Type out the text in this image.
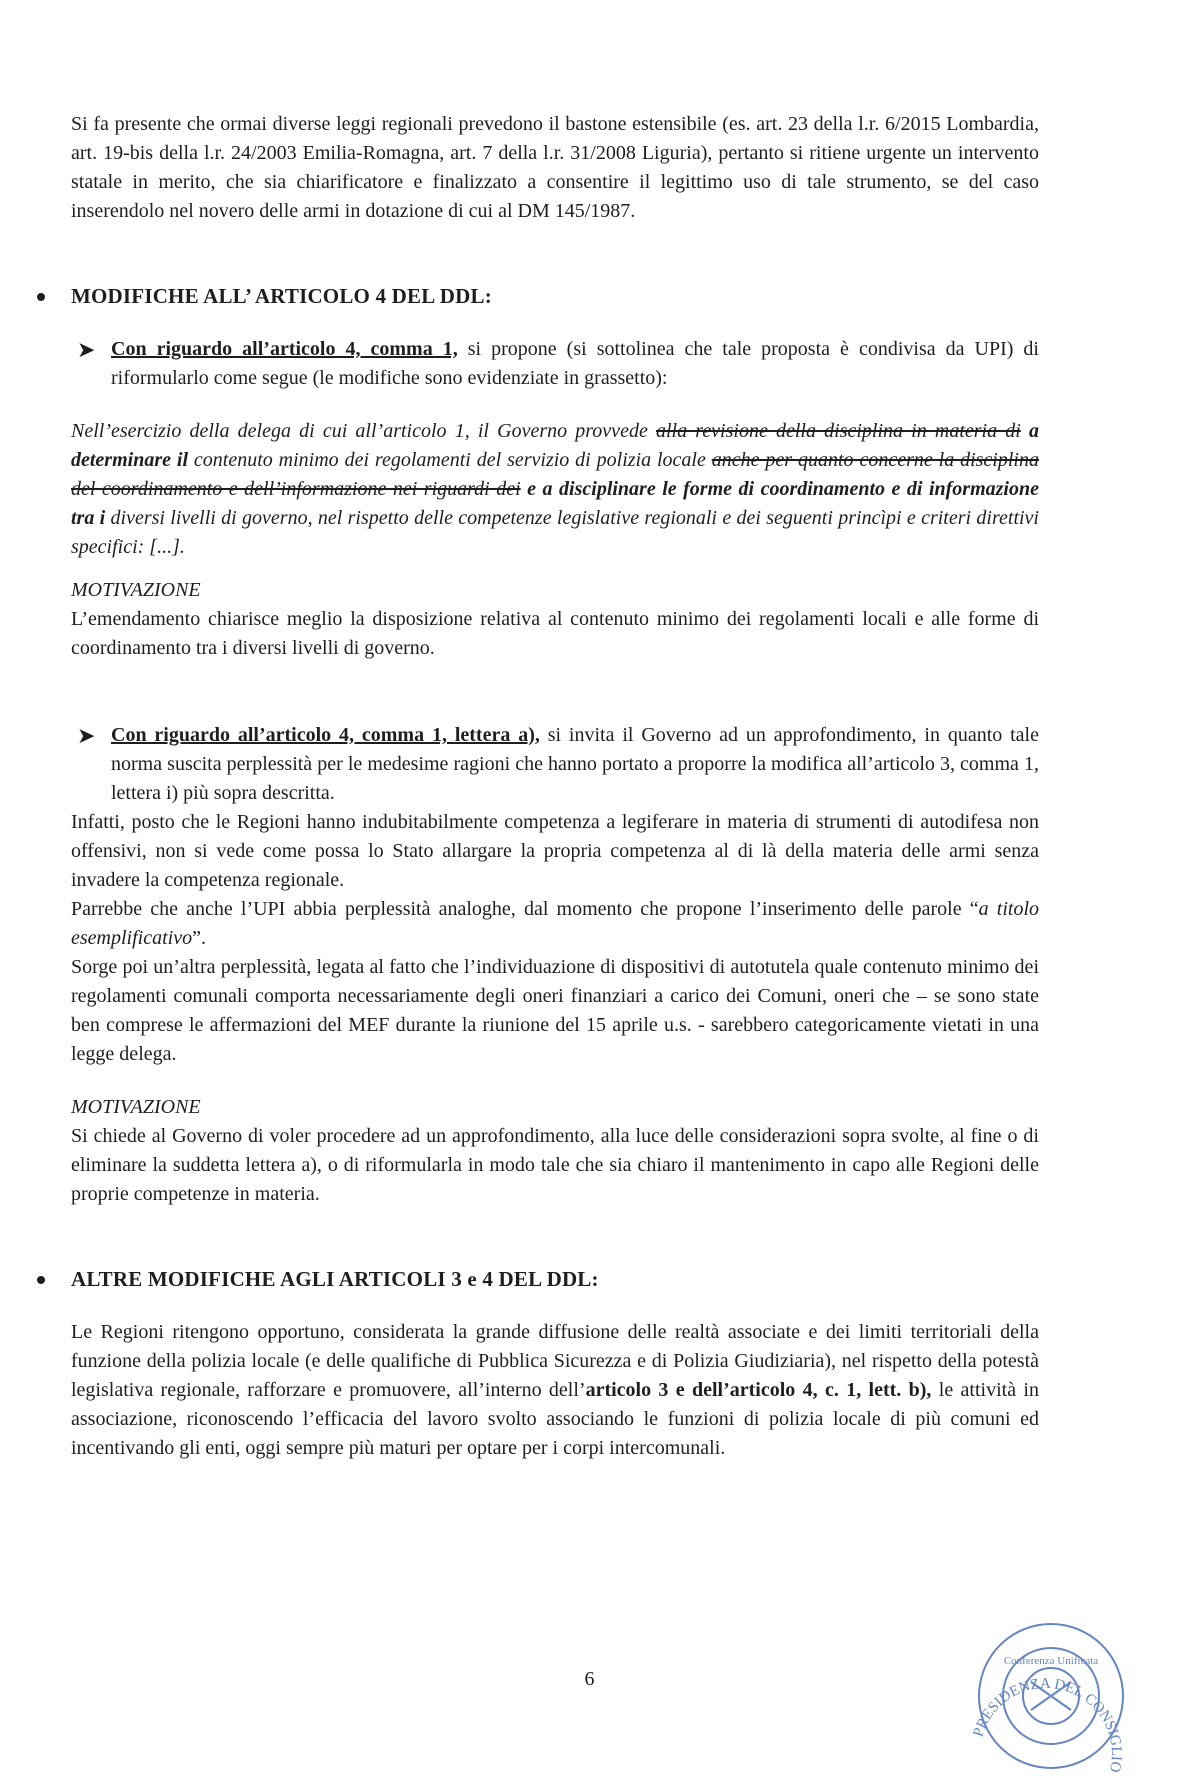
Si fa presente che ormai diverse leggi regionali prevedono il bastone estensibile (es. art. 23 della l.r. 6/2015 Lombardia, art. 19-bis della l.r. 24/2003 Emilia-Romagna, art. 7 della l.r. 31/2008 Liguria), pertanto si ritiene urgente un intervento statale in merito, che sia chiarificatore e finalizzato a consentire il legittimo uso di tale strumento, se del caso inserendolo nel novero delle armi in dotazione di cui al DM 145/1987.

MODIFICHE ALL’ ARTICOLO 4 DEL DDL:

➤ Con riguardo all’articolo 4, comma 1, si propone (si sottolinea che tale proposta è condivisa da UPI) di riformularlo come segue (le modifiche sono evidenziate in grassetto):

Nell’esercizio della delega di cui all’articolo 1, il Governo provvede alla revisione della disciplina in materia di a determinare il contenuto minimo dei regolamenti del servizio di polizia locale anche per quanto concerne la disciplina del coordinamento e dell’informazione nei riguardi dei e a disciplinare le forme di coordinamento e di informazione tra i diversi livelli di governo, nel rispetto delle competenze legislative regionali e dei seguenti princìpi e criteri direttivi specifici: [...].

MOTIVAZIONE

L’emendamento chiarisce meglio la disposizione relativa al contenuto minimo dei regolamenti locali e alle forme di coordinamento tra i diversi livelli di governo.

➤ Con riguardo all’articolo 4, comma 1, lettera a), si invita il Governo ad un approfondimento, in quanto tale norma suscita perplessità per le medesime ragioni che hanno portato a proporre la modifica all’articolo 3, comma 1, lettera i) più sopra descritta.

Infatti, posto che le Regioni hanno indubitabilmente competenza a legiferare in materia di strumenti di autodifesa non offensivi, non si vede come possa lo Stato allargare la propria competenza al di là della materia delle armi senza invadere la competenza regionale.

Parrebbe che anche l’UPI abbia perplessità analoghe, dal momento che propone l’inserimento delle parole “a titolo esemplificativo”.

Sorge poi un’altra perplessità, legata al fatto che l’individuazione di dispositivi di autotutela quale contenuto minimo dei regolamenti comunali comporta necessariamente degli oneri finanziari a carico dei Comuni, oneri che – se sono state ben comprese le affermazioni del MEF durante la riunione del 15 aprile u.s. - sarebbero categoricamente vietati in una legge delega.

MOTIVAZIONE

Si chiede al Governo di voler procedere ad un approfondimento, alla luce delle considerazioni sopra svolte, al fine o di eliminare la suddetta lettera a), o di riformularla in modo tale che sia chiaro il mantenimento in capo alle Regioni delle proprie competenze in materia.

ALTRE MODIFICHE AGLI ARTICOLI 3 e 4 DEL DDL:

Le Regioni ritengono opportuno, considerata la grande diffusione delle realtà associate e dei limiti territoriali della funzione della polizia locale (e delle qualifiche di Pubblica Sicurezza e di Polizia Giudiziaria), nel rispetto della potestà legislativa regionale, rafforzare e promuovere, all’interno dell’articolo 3 e dell’articolo 4, c. 1, lett. b), le attività in associazione, riconoscendo l’efficacia del lavoro svolto associando le funzioni di polizia locale di più comuni ed incentivando gli enti, oggi sempre più maturi per optare per i corpi intercomunali.

6
PRESIDENZA DEL CONSIGLIO
Conferenza Unificata
